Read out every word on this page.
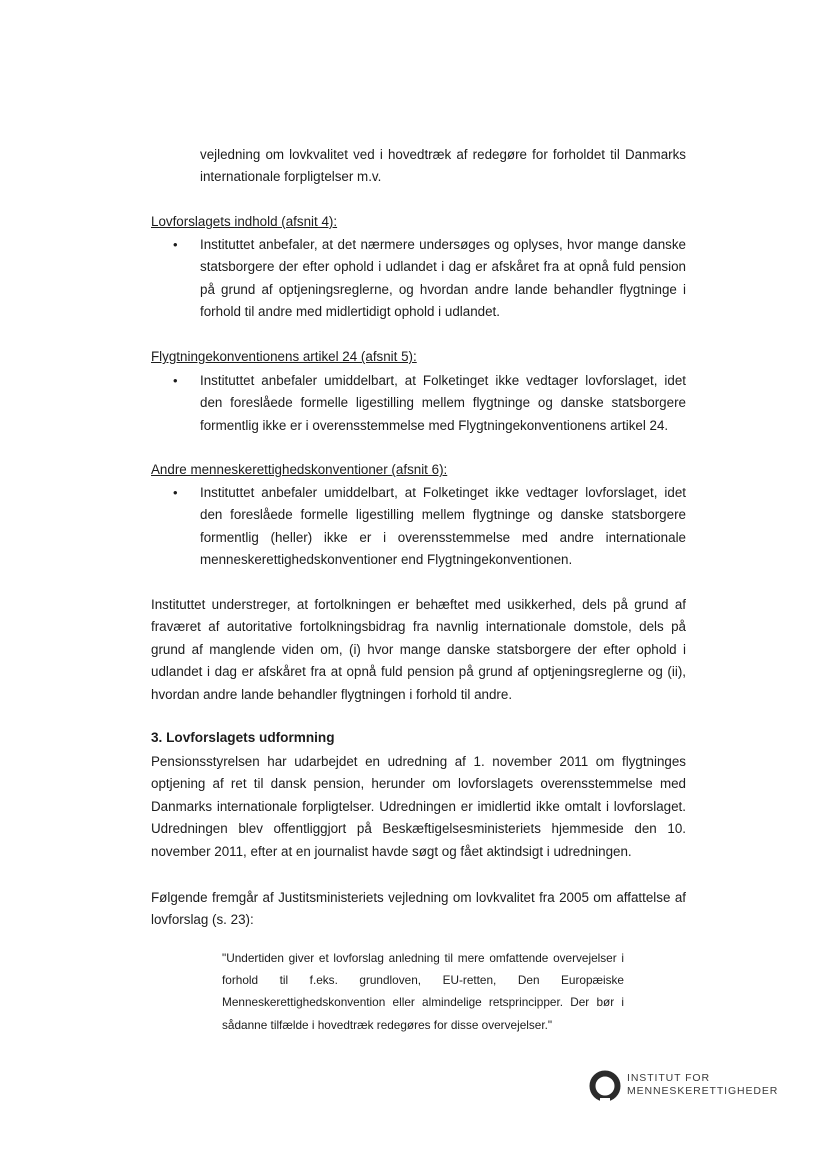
vejledning om lovkvalitet ved i hovedtræk af redegøre for forholdet til Danmarks internationale forpligtelser m.v.

Lovforslagets indhold (afsnit 4):

• Instituttet anbefaler, at det nærmere undersøges og oplyses, hvor mange danske statsborgere der efter ophold i udlandet i dag er afskåret fra at opnå fuld pension på grund af optjeningsreglerne, og hvordan andre lande behandler flygtninge i forhold til andre med midlertidigt ophold i udlandet.

Flygtningekonventionens artikel 24 (afsnit 5):

• Instituttet anbefaler umiddelbart, at Folketinget ikke vedtager lovforslaget, idet den foreslåede formelle ligestilling mellem flygtninge og danske statsborgere formentlig ikke er i overensstemmelse med Flygtningekonventionens artikel 24.

Andre menneskerettighedskonventioner (afsnit 6):

• Instituttet anbefaler umiddelbart, at Folketinget ikke vedtager lovforslaget, idet den foreslåede formelle ligestilling mellem flygtninge og danske statsborgere formentlig (heller) ikke er i overensstemmelse med andre internationale menneskerettighedskonventioner end Flygtningekonventionen.

Instituttet understreger, at fortolkningen er behæftet med usikkerhed, dels på grund af fraværet af autoritative fortolkningsbidrag fra navnlig internationale domstole, dels på grund af manglende viden om, (i) hvor mange danske statsborgere der efter ophold i udlandet i dag er afskåret fra at opnå fuld pension på grund af optjeningsreglerne og (ii), hvordan andre lande behandler flygtningen i forhold til andre.

3. Lovforslagets udformning

Pensionsstyrelsen har udarbejdet en udredning af 1. november 2011 om flygtninges optjening af ret til dansk pension, herunder om lovforslagets overensstemmelse med Danmarks internationale forpligtelser. Udredningen er imidlertid ikke omtalt i lovforslaget. Udredningen blev offentliggjort på Beskæftigelsesministeriets hjemmeside den 10. november 2011, efter at en journalist havde søgt og fået aktindsigt i udredningen.

Følgende fremgår af Justitsministeriets vejledning om lovkvalitet fra 2005 om affattelse af lovforslag (s. 23):

"Undertiden giver et lovforslag anledning til mere omfattende overvejelser i forhold til f.eks. grundloven, EU-retten, Den Europæiske Menneskerettighedskonvention eller almindelige retsprincipper. Der bør i sådanne tilfælde i hovedtræk redegøres for disse overvejelser."

INSTITUT FOR
MENNESKERETTIGHEDER
